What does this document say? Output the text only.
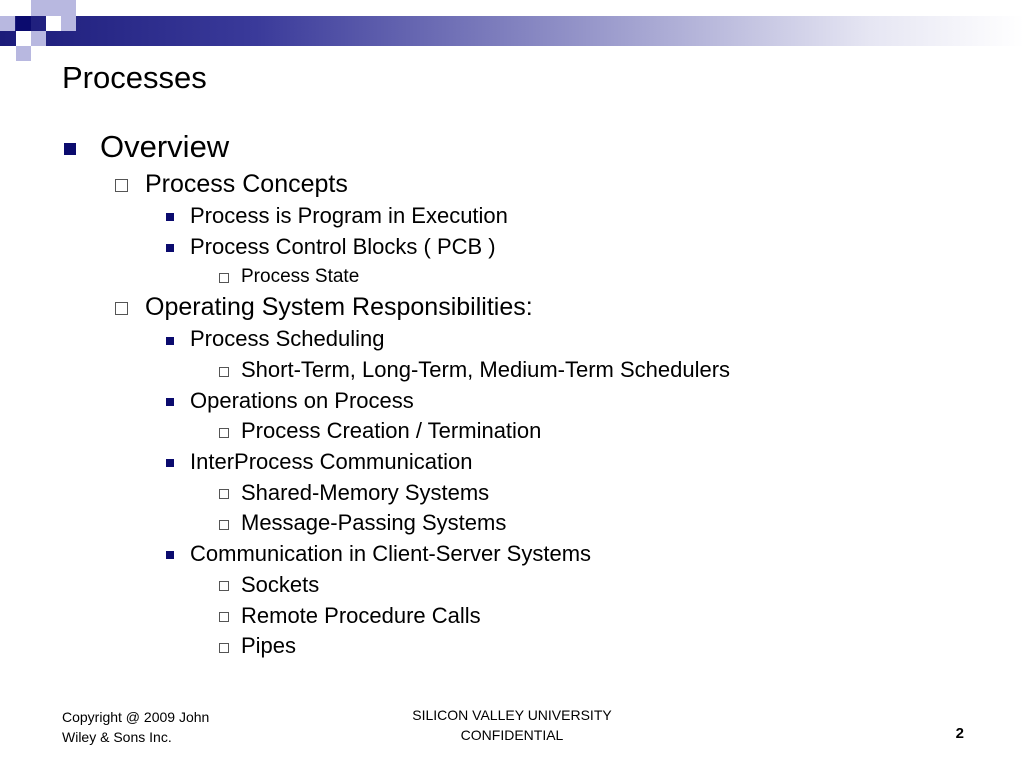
Processes
Overview
Process Concepts
Process is Program in Execution
Process Control Blocks ( PCB )
Process State
Operating System Responsibilities:
Process Scheduling
Short-Term, Long-Term, Medium-Term Schedulers
Operations on Process
Process Creation / Termination
InterProcess Communication
Shared-Memory Systems
Message-Passing Systems
Communication in Client-Server Systems
Sockets
Remote Procedure Calls
Pipes
Copyright @ 2009 John
Wiley & Sons Inc.
SILICON VALLEY UNIVERSITY
CONFIDENTIAL	2
